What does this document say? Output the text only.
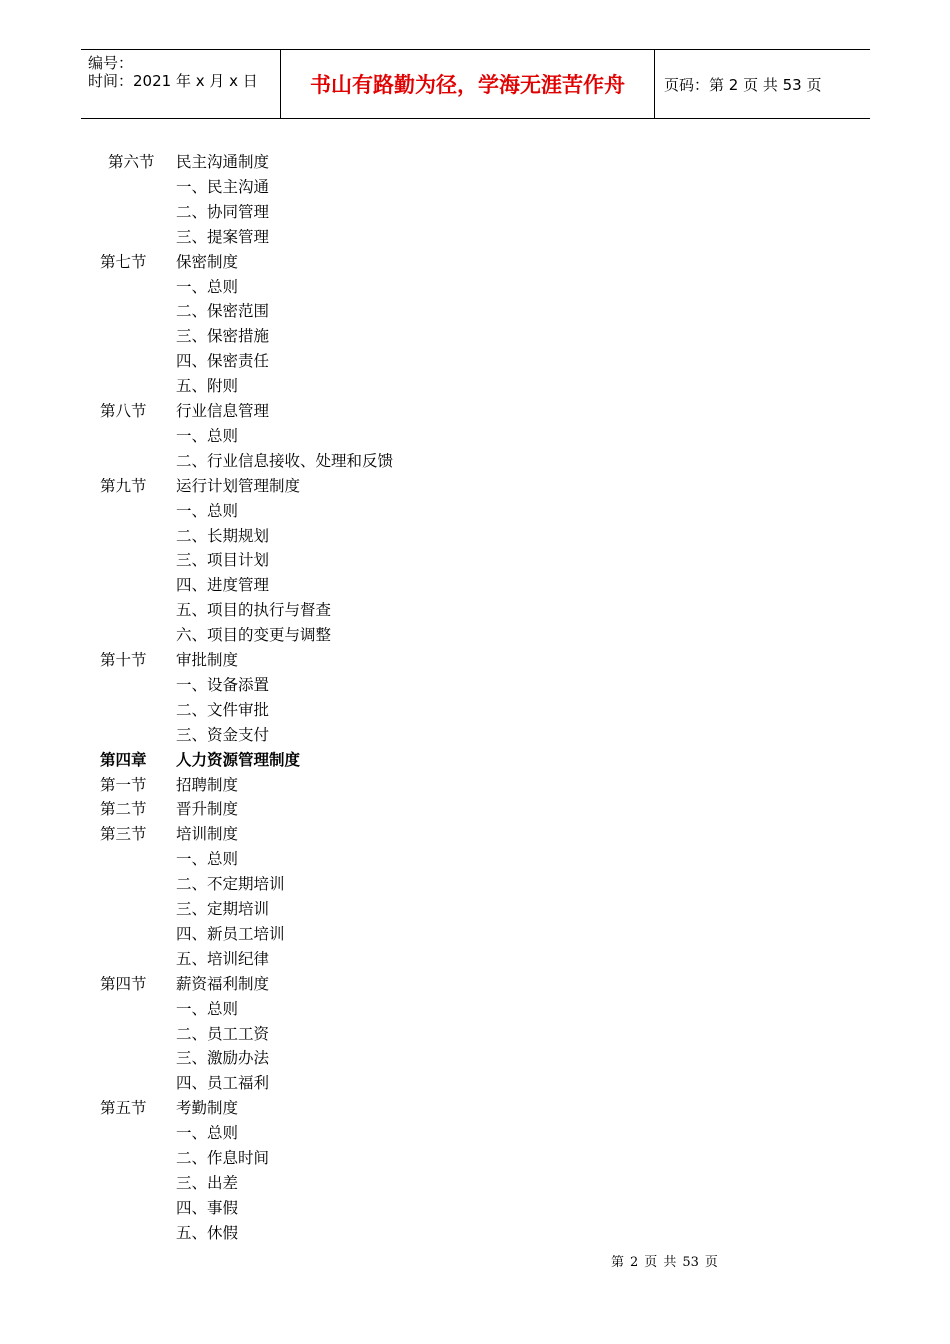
编号：
时间：2021 年 x 月 x 日	书山有路勤为径，学海无涯苦作舟	页码：第 2 页 共 53 页
第六节 民主沟通制度
一、民主沟通
二、协同管理
三、提案管理
第七节 保密制度
一、总则
二、保密范围
三、保密措施
四、保密责任
五、附则
第八节 行业信息管理
一、总则
二、行业信息接收、处理和反馈
第九节 运行计划管理制度
一、总则
二、长期规划
三、项目计划
四、进度管理
五、项目的执行与督查
六、项目的变更与调整
第十节 审批制度
一、设备添置
二、文件审批
三、资金支付
第四章 人力资源管理制度
第一节 招聘制度
第二节 晋升制度
第三节 培训制度
一、总则
二、不定期培训
三、定期培训
四、新员工培训
五、培训纪律
第四节 薪资福利制度
一、总则
二、员工工资
三、激励办法
四、员工福利
第五节 考勤制度
一、总则
二、作息时间
三、出差
四、事假
五、休假
第 2 页 共 53 页
